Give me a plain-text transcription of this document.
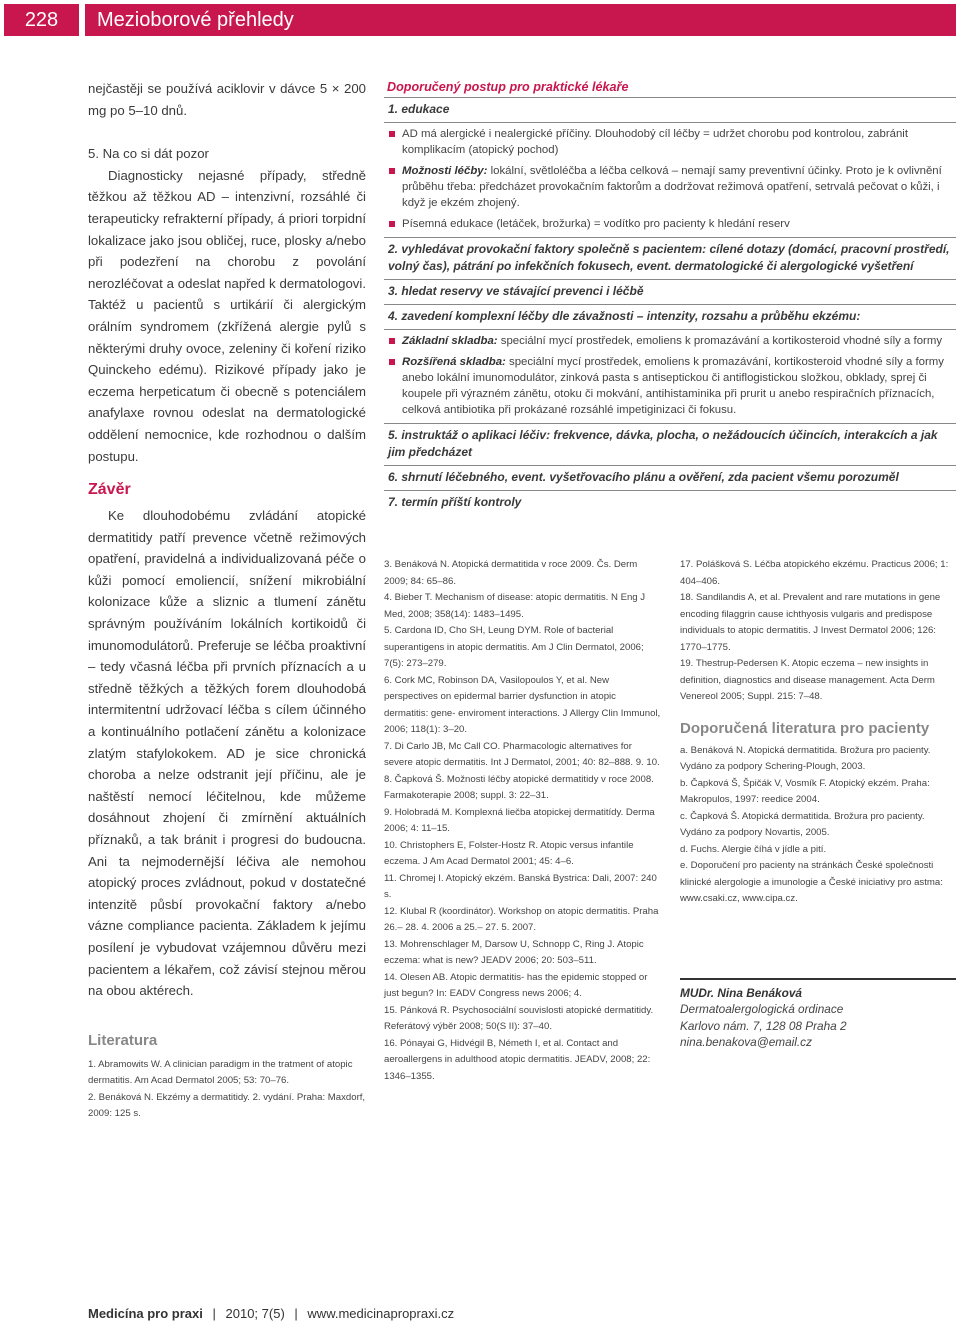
228	Mezioborové přehledy

nejčastěji se používá aciklovir v dávce 5 × 200 mg po 5–10 dnů.

5. Na co si dát pozor

Diagnosticky nejasné případy, středně těžkou až těžkou AD – intenzivní, rozsáhlé či terapeuticky refrakterní případy, á priori torpidní lokalizace jako jsou obličej, ruce, plosky a/nebo při podezření na chorobu z povolání nerozléčovat a odeslat napřed k dermatologovi. Taktéž u pacientů s urtikárií či alergickým orálním syndromem (zkřížená alergie pylů s některými druhy ovoce, zeleniny či koření riziko Quinckeho edému). Rizikové případy jako je eczema herpeticatum či obecně s potenciálem anafylaxe rovnou odeslat na dermatologické oddělení nemocnice, kde rozhodnou o dalším postupu.

Závěr

Ke dlouhodobému zvládání atopické dermatitidy patří prevence včetně režimových opatření, pravidelná a individualizovaná péče o kůži pomocí emoliencií, snížení mikrobiální kolonizace kůže a sliznic a tlumení zánětu správným používáním lokálních kortikoidů či imunomodulátorů. Preferuje se léčba proaktivní – tedy včasná léčba při prvních příznacích a u středně těžkých a těžkých forem dlouhodobá intermitentní udržovací léčba s cílem účinného a kontinuálního potlačení zánětu a kolonizace zlatým stafylokokem. AD je sice chronická choroba a nelze odstranit její příčinu, ale je naštěstí nemocí léčitelnou, kde můžeme dosáhnout zhojení či zmírnění aktuálních příznaků, a tak bránit i progresi do budoucna. Ani ta nejmodernější léčiva ale nemohou atopický proces zvládnout, pokud v dostatečné intenzitě půsbí provokační faktory a/nebo vázne compliance pacienta. Základem k jejímu posílení je vybudovat vzájemnou důvěru mezi pacientem a lékařem, což závisí stejnou měrou na obou aktérech.

Literatura

1. Abramowits W. A clinician paradigm in the tratment of atopic dermatitis. Am Acad Dermatol 2005; 53: 70–76.

2. Benáková N. Ekzémy a dermatitidy. 2. vydání. Praha: Maxdorf, 2009: 125 s.

Doporučený postup pro praktické lékaře
1. edukace
AD má alergické i nealergické příčiny. Dlouhodobý cíl léčby = udržet chorobu pod kontrolou, zabránit komplikacím (atopický pochod)
Možnosti léčby: lokální, světloléčba a léčba celková – nemají samy preventivní účinky. Proto je k ovlivnění průběhu třeba: předcházet provokačním faktorům a dodržovat režimová opatření, setrvalá pečovat o kůži, i když je ekzém zhojený.
Písemná edukace (letáček, brožurka) = vodítko pro pacienty k hledání reserv
2. vyhledávat provokační faktory společně s pacientem: cílené dotazy (domácí, pracovní prostředí, volný čas), pátrání po infekčních fokusech, event. dermatologické či alergologické vyšetření
3. hledat reservy ve stávající prevenci i léčbě
4. zavedení komplexní léčby dle závažnosti – intenzity, rozsahu a průběhu ekzému:
Základní skladba: speciální mycí prostředek, emoliens k promazávání a kortikosteroid vhodné síly a formy
Rozšířená skladba: speciální mycí prostředek, emoliens k promazávání, kortikosteroid vhodné síly a formy anebo lokální imunomodulátor, zinková pasta s antiseptickou či antiflogistickou složkou, obklady, sprej či koupele při výrazném zánětu, otoku či mokvání, antihistaminika při prurit u anebo respiračních příznacích, celková antibiotika při prokázané rozsáhlé impetiginizaci či fokusu.
5. instruktáž o aplikaci léčiv: frekvence, dávka, plocha, o nežádoucích účincích, interakcích a jak jim předcházet
6. shrnutí léčebného, event. vyšetřovacího plánu a ověření, zda pacient všemu porozuměl
7. termín příští kontroly

3. Benáková N. Atopická dermatitida v roce 2009. Čs. Derm 2009; 84: 65–86.

4. Bieber T. Mechanism of disease: atopic dermatitis. N Eng J Med, 2008; 358(14): 1483–1495.

5. Cardona ID, Cho SH, Leung DYM. Role of bacterial superantigens in atopic dermatitis. Am J Clin Dermatol, 2006; 7(5): 273–279.

6. Cork MC, Robinson DA, Vasilopoulos Y, et al. New perspectives on epidermal barrier dysfunction in atopic dermatitis: gene- enviroment interactions. J Allergy Clin Immunol, 2006; 118(1): 3–20.

7. Di Carlo JB, Mc Call CO. Pharmacologic alternatives for severe atopic dermatitis. Int J Dermatol, 2001; 40: 82–888. 9. 10.

8. Čapková Š. Možnosti léčby atopické dermatitidy v roce 2008. Farmakoterapie 2008; suppl. 3: 22–31.

9. Holobradá M. Komplexná liečba atopickej dermatitídy. Derma 2006; 4: 11–15.

10. Christophers E, Folster-Hostz R. Atopic versus infantile eczema. J Am Acad Dermatol 2001; 45: 4–6.

11. Chromej I. Atopický ekzém. Banská Bystrica: Dali, 2007: 240 s.

12. Klubal R (koordinátor). Workshop on atopic dermatitis. Praha 26.– 28. 4. 2006 a 25.– 27. 5. 2007.

13. Mohrenschlager M, Darsow U, Schnopp C, Ring J. Atopic eczema: what is new? JEADV 2006; 20: 503–511.

14. Olesen AB. Atopic dermatitis- has the epidemic stopped or just begun? In: EADV Congress news 2006; 4.

15. Pánková R. Psychosociální souvislosti atopické dermatitidy. Referátový výběr 2008; 50(S II): 37–40.

16. Pónayai G, Hidvégil B, Németh I, et al. Contact and aeroallergens in adulthood atopic dermatitis. JEADV, 2008; 22: 1346–1355.

17. Polášková S. Léčba atopického ekzému. Practicus 2006; 1: 404–406.

18. Sandilandis A, et al. Prevalent and rare mutations in gene encoding filaggrin cause ichthyosis vulgaris and predispose individuals to atopic dermatitis. J Invest Dermatol 2006; 126: 1770–1775.

19. Thestrup-Pedersen K. Atopic eczema – new insights in definition, diagnostics and disease management. Acta Derm Venereol 2005; Suppl. 215: 7–48.

Doporučená literatura pro pacienty

a. Benáková N. Atopická dermatitida. Brožura pro pacienty. Vydáno za podpory Schering-Plough, 2003.

b. Čapková Š, Špičák V, Vosmík F. Atopický ekzém. Praha: Makropulos, 1997: reedice 2004.

c. Čapková Š. Atopická dermatitida. Brožura pro pacienty. Vydáno za podpory Novartis, 2005.

d. Fuchs. Alergie číhá v jídle a pití.

e. Doporučení pro pacienty na stránkách České společnosti klinické alergologie a imunologie a České iniciativy pro astma: www.csaki.cz, www.cipa.cz.

MUDr. Nina Benáková
Dermatoalergologická ordinace
Karlovo nám. 7, 128 08 Praha 2
nina.benakova@email.cz
Medicína pro praxi | 2010; 7(5) | www.medicinapropraxi.cz
